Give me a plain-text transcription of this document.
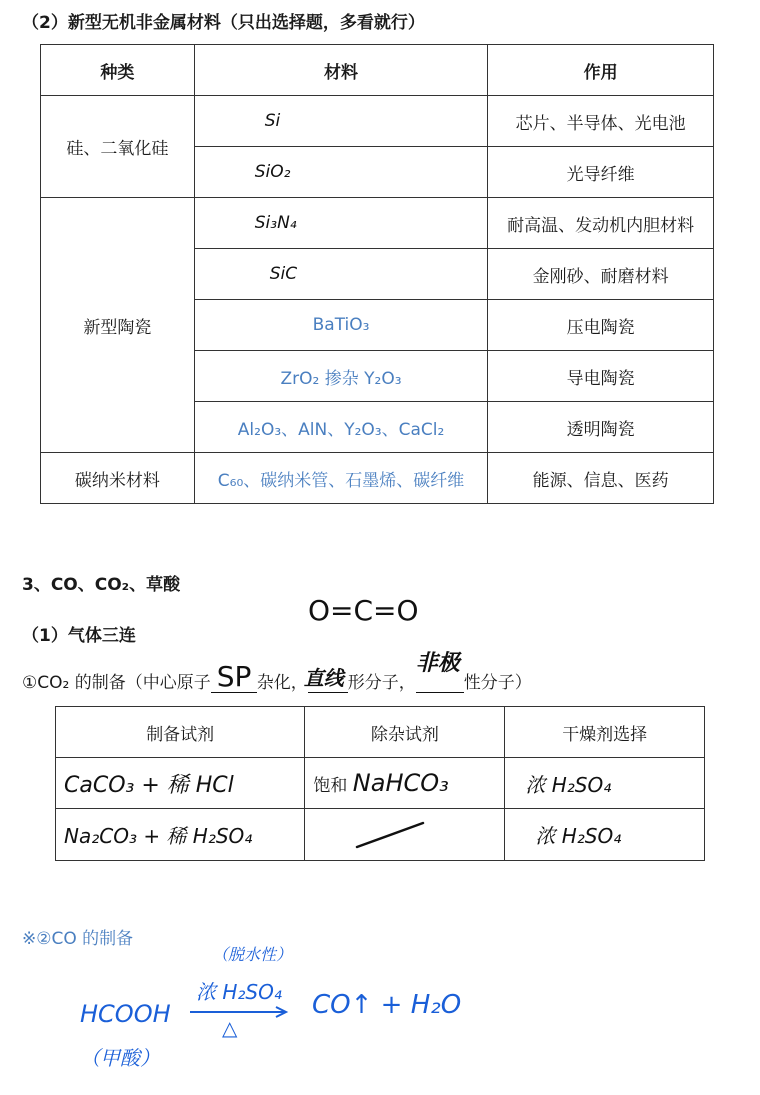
（2）新型无机非金属材料（只出选择题，多看就行）
种类	材料	作用
硅、二氧化硅	Si	芯片、半导体、光电池
	SiO₂	光导纤维
新型陶瓷	Si₃N₄	耐高温、发动机内胆材料
	SiC	金刚砂、耐磨材料
	BaTiO₃	压电陶瓷
	ZrO₂ 掺杂 Y₂O₃	导电陶瓷
	Al₂O₃、AlN、Y₂O₃、CaCl₂	透明陶瓷
碳纳米材料	C₆₀、碳纳米管、石墨烯、碳纤维	能源、信息、医药
3、CO、CO₂、草酸
（1）气体三连
O=C=O
①CO₂ 的制备（中心原子 SP 杂化，
直线 形分子，
非极
性分子）
制备试剂	除杂试剂	干燥剂选择
CaCO₃ + 稀 HCl	饱和 NaHCO₃	浓 H₂SO₄
Na₂CO₃ + 稀 H₂SO₄		浓 H₂SO₄
※②CO 的制备
HCOOH
（甲酸）
（脱水性）
浓 H₂SO₄
△
CO↑ + H₂O
